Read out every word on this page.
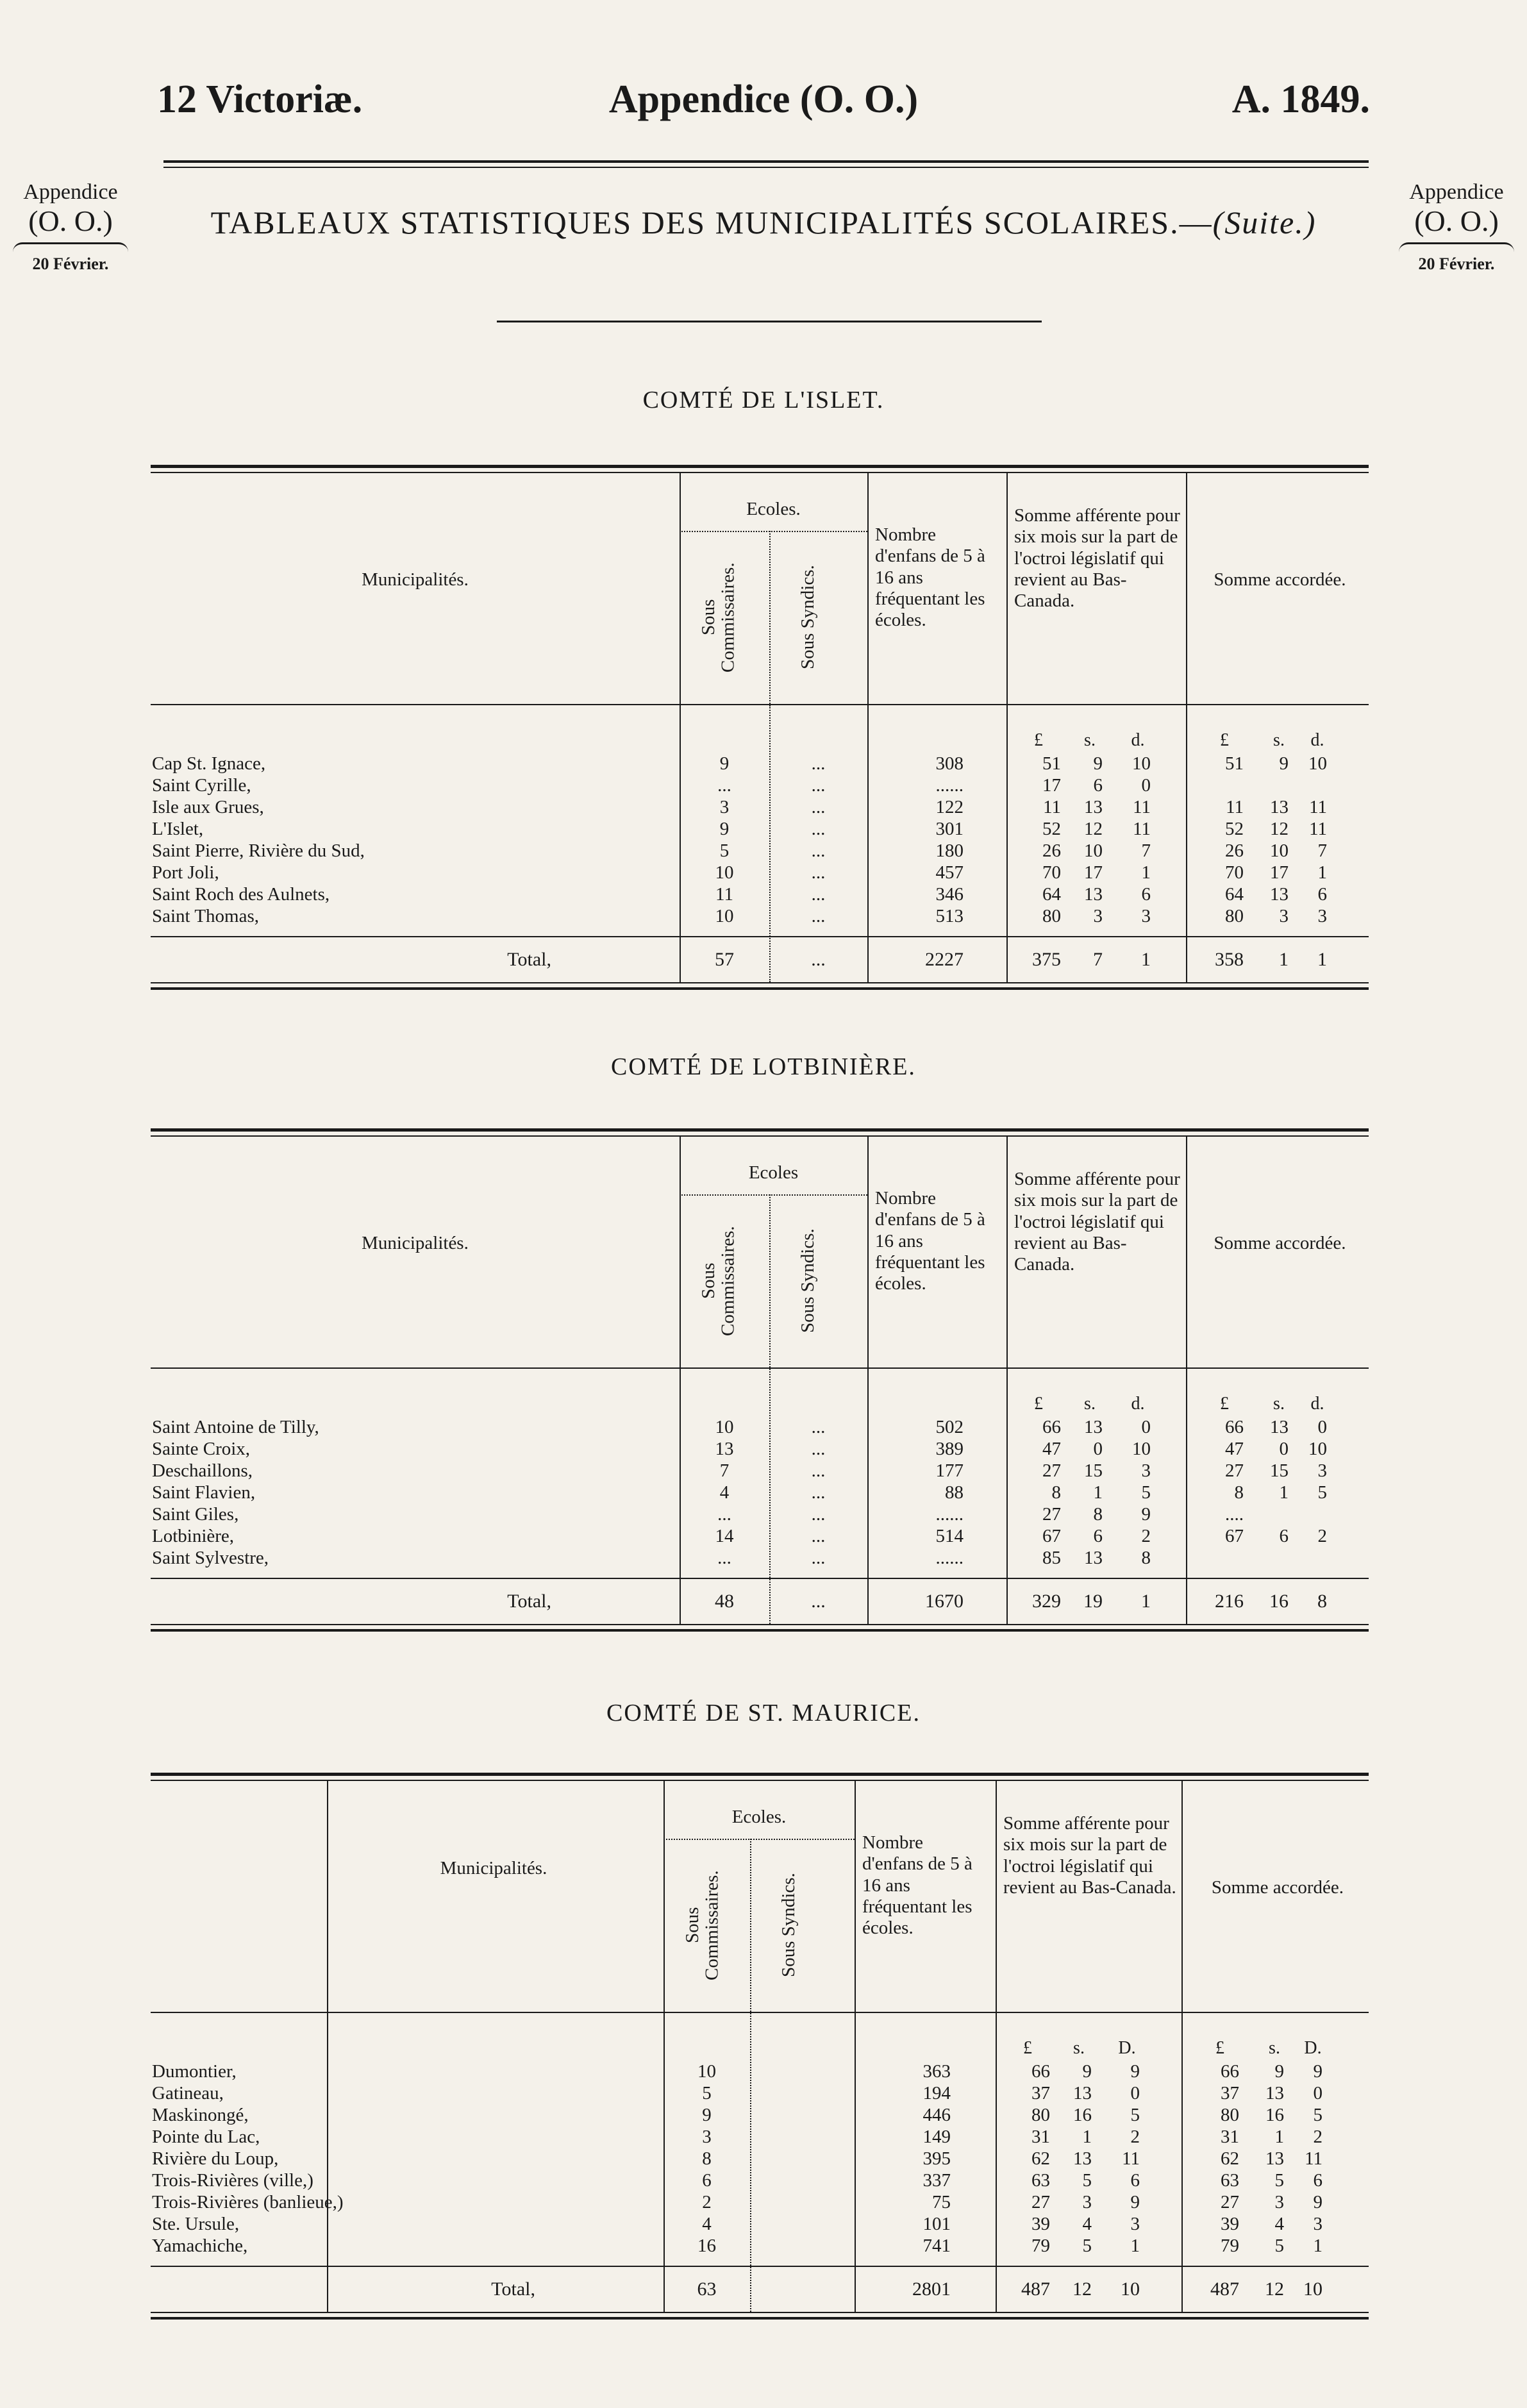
12 Victoriæ.	Appendice (O. O.)	A. 1849.
Appendice
(O. O.)
20 Février.
Appendice
(O. O.)
20 Février.
TABLEAUX STATISTIQUES DES MUNICIPALITÉS SCOLAIRES.—(Suite.)
COMTÉ DE L'ISLET.
COMTÉ DE LOTBINIÈRE.
COMTÉ DE ST. MAURICE.
Municipalités.
Ecoles.
Sous Commissaires.	Sous Syndics.
Nombre d'enfans de 5 à 16 ans fréquentant les écoles.
Somme afférente pour six mois sur la part de l'octroi législatif qui revient au Bas-Canada.
Somme accordée.
£	£
s.	s.
d.	d.
Cap St. Ignace,	9	...	308	51	9	10	51	9	10
Saint Cyrille,	...	...	......	17	6	0
Isle aux Grues,	3	...	122	11	13	11	11	13	11
L'Islet,	9	...	301	52	12	11	52	12	11
Saint Pierre, Rivière du Sud,	5	...	180	26	10	7	26	10	7
Port Joli,	10	...	457	70	17	1	70	17	1
Saint Roch des Aulnets,	11	...	346	64	13	6	64	13	6
Saint Thomas,	10	...	513	80	3	3	80	3	3
Total,	57	...	2227	375	7	1	358	1	1
Municipalités.
Ecoles
Sous Commissaires.	Sous Syndics.
Nombre d'enfans de 5 à 16 ans fréquentant les écoles.
Somme afférente pour six mois sur la part de l'octroi législatif qui revient au Bas-Canada.
Somme accordée.
£	£
s.	s.
d.	d.
Saint Antoine de Tilly,	10	...	502	66	13	0	66	13	0
Sainte Croix,	13	...	389	47	0	10	47	0	10
Deschaillons,	7	...	177	27	15	3	27	15	3
Saint Flavien,	4	...	88	8	1	5	8	1	5
Saint Giles,	...	...	......	27	8	9	....
Lotbinière,	14	...	514	67	6	2	67	6	2
Saint Sylvestre,	...	...	......	85	13	8
Total,	48	...	1670	329	19	1	216	16	8
Municipalités.
Ecoles.
Sous Commissaires.	Sous Syndics.
Nombre d'enfans de 5 à 16 ans fréquentant les écoles.
Somme afférente pour six mois sur la part de l'octroi législatif qui revient au Bas-Canada.	Somme accordée.
£	£
s.	s.
D.	D.
Dumontier,	10	363	66	9	9	66	9	9
Gatineau,	5	194	37	13	0	37	13	0
Maskinongé,	9	446	80	16	5	80	16	5
Pointe du Lac,	3	149	31	1	2	31	1	2
Rivière du Loup,	8	395	62	13	11	62	13	11
Trois-Rivières (ville,)	6	337	63	5	6	63	5	6
Trois-Rivières (banlieue,)	2	75	27	3	9	27	3	9
Ste. Ursule,	4	101	39	4	3	39	4	3
Yamachiche,	16	741	79	5	1	79	5	1
Total,	63	2801	487	12	10	487	12	10
